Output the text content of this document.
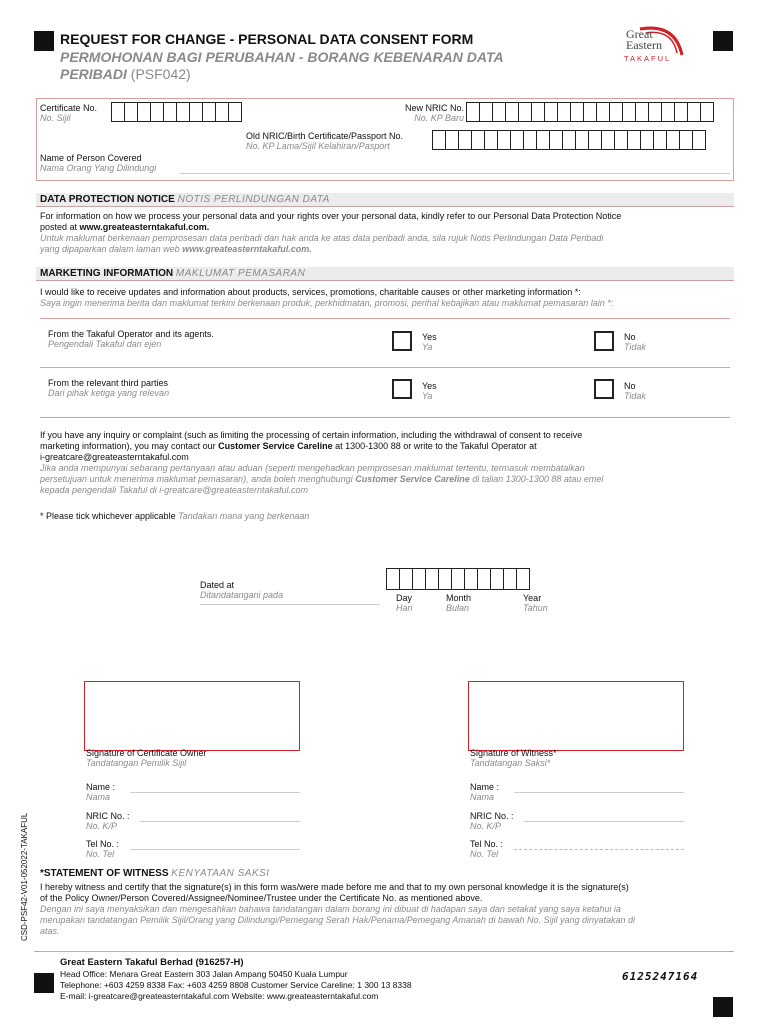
REQUEST FOR CHANGE - PERSONAL DATA CONSENT FORM
PERMOHONAN BAGI PERUBAHAN - BORANG KEBENARAN DATA
PERIBADI (PSF042)
Great
Eastern
TAKAFUL
Certificate No.
No. Sijil
New NRIC No.
No. KP Baru
Old NRIC/Birth Certificate/Passport No.
No. KP Lama/Sijil Kelahiran/Pasport
Name of Person Covered
Nama Orang Yang Dilindungi
DATA PROTECTION NOTICE NOTIS PERLINDUNGAN DATA
For information on how we process your personal data and your rights over your personal data, kindly refer to our Personal Data Protection Notice
posted at www.greateasterntakaful.com.
Untuk maklumat berkenaan pemprosesan data peribadi dan hak anda ke atas data peribadi anda, sila rujuk Notis Perlindungan Data Peribadi
yang dipaparkan dalam laman web www.greateasterntakaful.com.
MARKETING INFORMATION MAKLUMAT PEMASARAN
I would like to receive updates and information about products, services, promotions, charitable causes or other marketing information *:
Saya ingin menerima berita dan maklumat terkini berkenaan produk, perkhidmatan, promosi, perihal kebajikan atau maklumat pemasaran lain *:
From the Takaful Operator and its agents.
Pengendali Takaful dan ejen
Yes
Ya
No
Tidak
From the relevant third parties
Dari pihak ketiga yang relevan
Yes
Ya
No
Tidak
If you have any inquiry or complaint (such as limiting the processing of certain information, including the withdrawal of consent to receive
marketing information), you may contact our Customer Service Careline at 1300-1300 88 or write to the Takaful Operator at
i-greatcare@greateasterntakaful.com
Jika anda mempunyai sebarang pertanyaan atau aduan (seperti mengehadkan pemprosesan maklumat tertentu, termasuk membatalkan
persetujuan untuk menerima maklumat pemasaran), anda boleh menghubungi Customer Service Careline di talian 1300-1300 88 atau emel
kepada pengendali Takaful di i-greatcare@greateasterntakaful.com
* Please tick whichever applicable Tandakan mana yang berkenaan
Dated at
Ditandatangani pada	Day
Hari
Month
Bulan
Year
Tahun
Signature of Certificate Owner
Tandatangan Pemilik Sijil
Signature of Witness*
Tandatangan Saksi*
Name :
Nama
NRIC No. :
No. K/P
Tel No. :
No. Tel
Name :
Nama
NRIC No. :
No. K/P
Tel No. :
No. Tel
*STATEMENT OF WITNESS KENYATAAN SAKSI
I hereby witness and certify that the signature(s) in this form was/were made before me and that to my own personal knowledge it is the signature(s)
of the Policy Owner/Person Covered/Assignee/Nominee/Trustee under the Certificate No. as mentioned above.
Dengan ini saya menyaksikan dan mengesahkan bahawa tandatangan dalam borang ini dibuat di hadapan saya dan setakat yang saya ketahui ia
merupakan tandatangan Pemilik Sijil/Orang yang Dilindungi/Pemegang Serah Hak/Penama/Pemegang Amanah di bawah No. Sijil yang dinyatakan di
atas.
CSD-PSF42-V01-052022-TAKAFUL
Great Eastern Takaful Berhad (916257-H)
Head Office: Menara Great Eastern 303 Jalan Ampang 50450 Kuala Lumpur
Telephone: +603 4259 8338 Fax: +603 4259 8808 Customer Service Careline: 1 300 13 8338
E-mail: i-greatcare@greateasterntakaful.com Website: www.greateasterntakaful.com
6125247164
